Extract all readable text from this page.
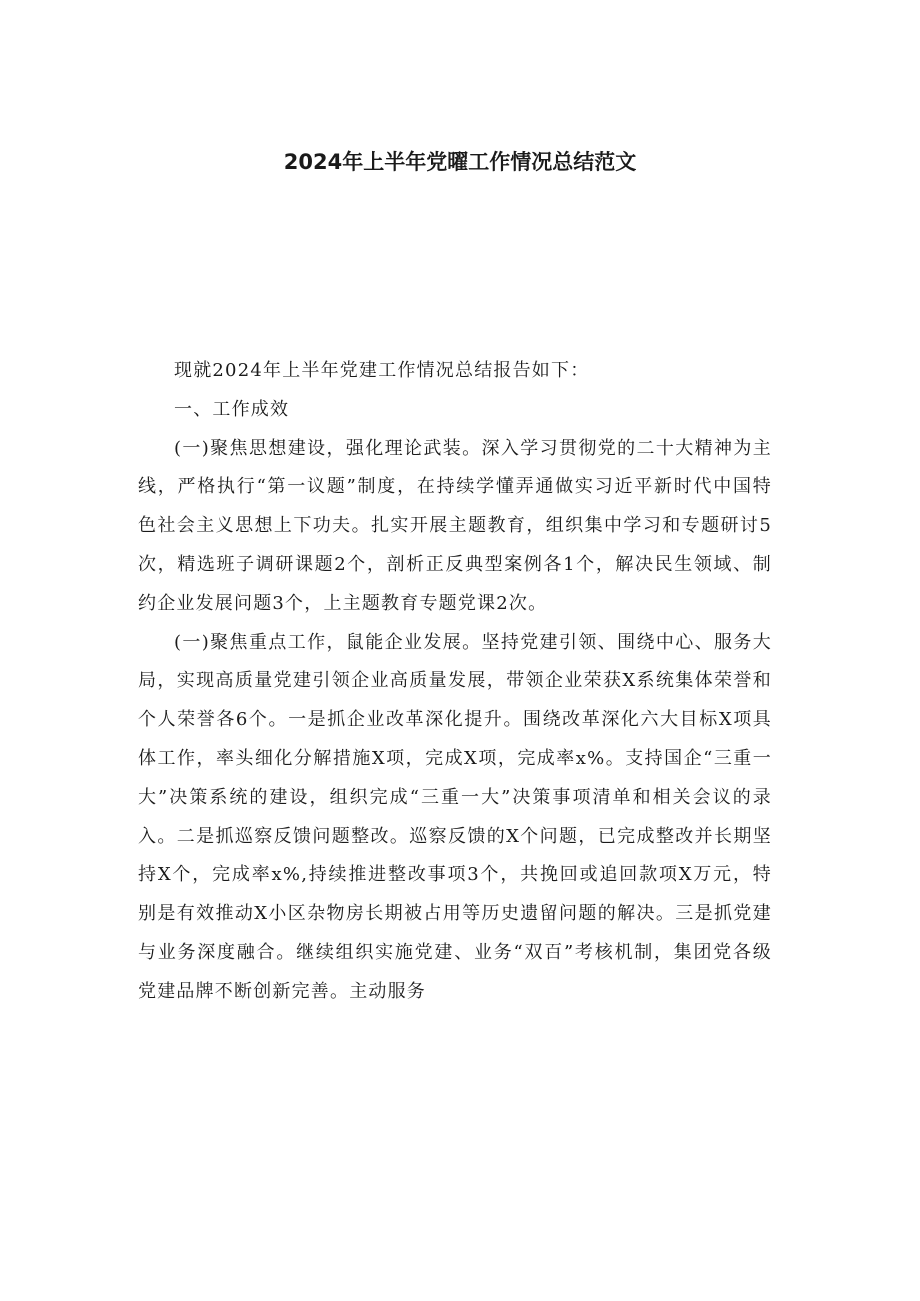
2024年上半年党曜工作情况总结范文

现就2024年上半年党建工作情况总结报告如下：

一、工作成效

(一)聚焦思想建设，强化理论武装。深入学习贯彻党的二十大精神为主线，严格执行“第一议题”制度，在持续学懂弄通做实习近平新时代中国特色社会主义思想上下功夫。扎实开展主题教育，组织集中学习和专题研讨5次，精选班子调研课题2个，剖析正反典型案例各1个，解决民生领域、制约企业发展问题3个，上主题教育专题党课2次。

(一)聚焦重点工作，鼠能企业发展。坚持党建引领、围绕中心、服务大局，实现高质量党建引领企业高质量发展，带领企业荣获X系统集体荣誉和个人荣誉各6个。一是抓企业改革深化提升。围绕改革深化六大目标X项具体工作，率头细化分解措施X项，完成X项，完成率x%。支持国企“三重一大”决策系统的建设，组织完成“三重一大”决策事项清单和相关会议的录入。二是抓巡察反馈问题整改。巡察反馈的X个问题，已完成整改并长期坚持X个，完成率x%,持续推进整改事项3个，共挽回或追回款项X万元，特别是有效推动X小区杂物房长期被占用等历史遗留问题的解决。三是抓党建与业务深度融合。继续组织实施党建、业务“双百”考核机制，集团党各级党建品牌不断创新完善。主动服务
